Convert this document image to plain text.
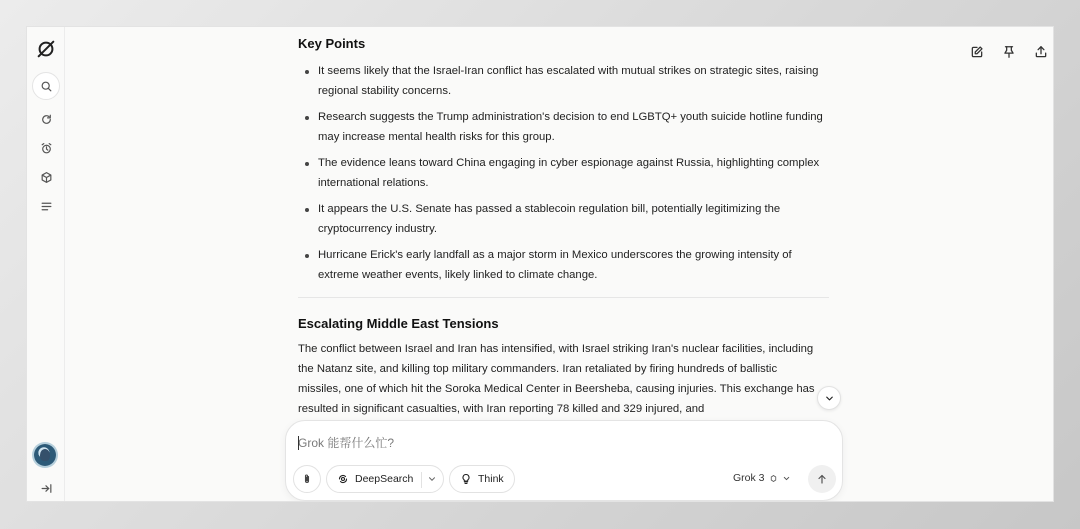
Key Points
It seems likely that the Israel-Iran conflict has escalated with mutual strikes on strategic sites, raising regional stability concerns.
Research suggests the Trump administration's decision to end LGBTQ+ youth suicide hotline funding may increase mental health risks for this group.
The evidence leans toward China engaging in cyber espionage against Russia, highlighting complex international relations.
It appears the U.S. Senate has passed a stablecoin regulation bill, potentially legitimizing the cryptocurrency industry.
Hurricane Erick's early landfall as a major storm in Mexico underscores the growing intensity of extreme weather events, likely linked to climate change.
Escalating Middle East Tensions
The conflict between Israel and Iran has intensified, with Israel striking Iran's nuclear facilities, including the Natanz site, and killing top military commanders. Iran retaliated by firing hundreds of ballistic missiles, one of which hit the Soroka Medical Center in Beersheba, causing injuries. This exchange has resulted in significant casualties, with Iran reporting 78 killed and 329 injured, and
Grok 能帮什么忙?
DeepSearch	Think	Grok 3
